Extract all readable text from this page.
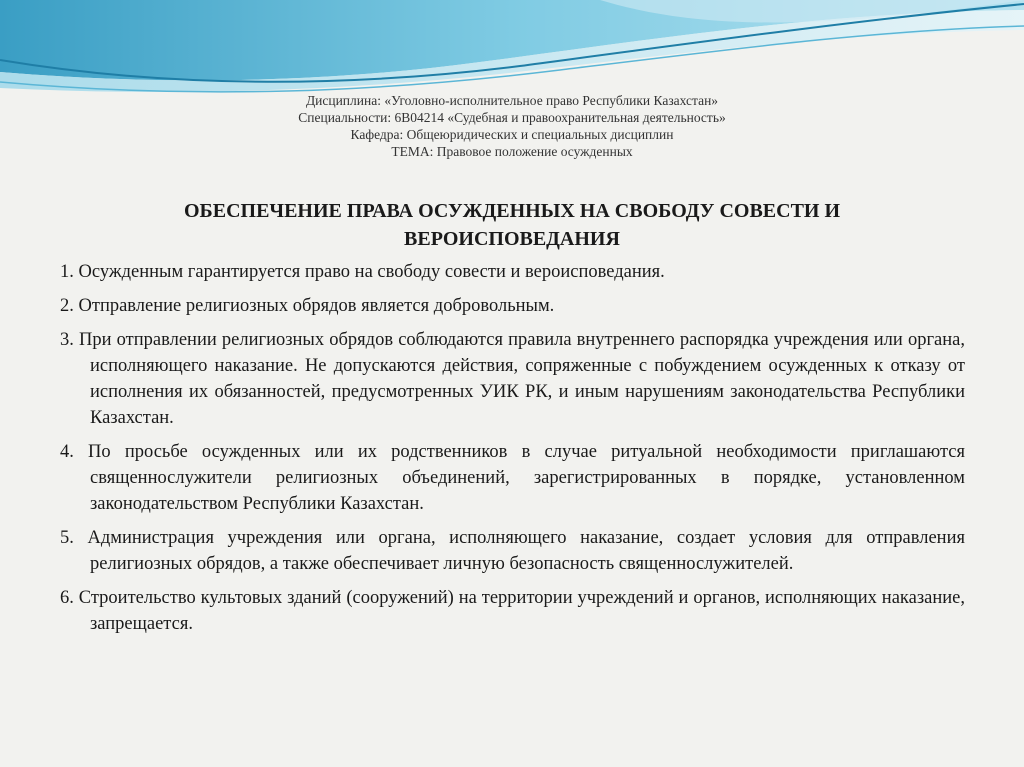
Дисциплина: «Уголовно-исполнительное право Республики Казахстан»
Специальности: 6В04214 «Судебная и правоохранительная деятельность»
Кафедра: Общеюридических и специальных дисциплин
ТЕМА: Правовое положение осужденных
ОБЕСПЕЧЕНИЕ ПРАВА ОСУЖДЕННЫХ НА СВОБОДУ СОВЕСТИ И
ВЕРОИСПОВЕДАНИЯ

1. Осужденным гарантируется право на свободу совести и вероисповедания.

2. Отправление религиозных обрядов является добровольным.

3. При отправлении религиозных обрядов соблюдаются правила внутреннего распорядка учреждения или органа, исполняющего наказание. Не допускаются действия, сопряженные с побуждением осужденных к отказу от исполнения их обязанностей, предусмотренных УИК РК, и иным нарушениям законодательства Республики Казахстан.

4. По просьбе осужденных или их родственников в случае ритуальной необходимости приглашаются священнослужители религиозных объединений, зарегистрированных в порядке, установленном законодательством Республики Казахстан.

5. Администрация учреждения или органа, исполняющего наказание, создает условия для отправления религиозных обрядов, а также обеспечивает личную безопасность священнослужителей.

6. Строительство культовых зданий (сооружений) на территории учреждений и органов, исполняющих наказание, запрещается.
